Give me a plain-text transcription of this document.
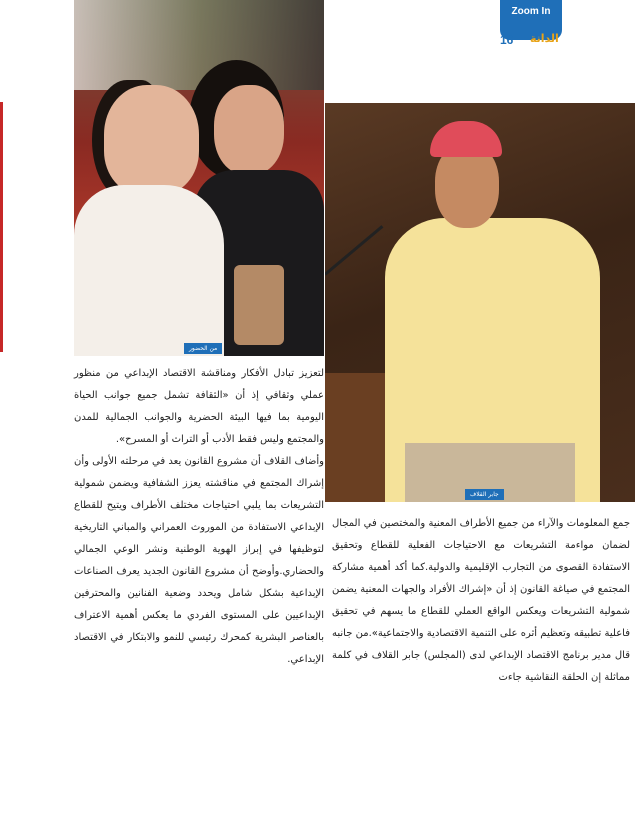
Zoom In
16 الدانة
من الحضور
جابر القلاف

لتعزيز تبادل الأفكار ومناقشة الاقتصاد الإبداعي من منظور عملي وثقافي إذ أن «الثقافة تشمل جميع جوانب الحياة اليومية بما فيها البيئة الحضرية والجوانب الجمالية للمدن والمجتمع وليس فقط الأدب أو التراث أو المسرح».

وأضاف القلاف أن مشروع القانون يعد في مرحلته الأولى وأن إشراك المجتمع في مناقشته يعزز الشفافية ويضمن شمولية التشريعات بما يلبي احتياجات مختلف الأطراف ويتيح للقطاع الإبداعي الاستفادة من الموروث العمراني والمباني التاريخية لتوظيفها في إبراز الهوية الوطنية ونشر الوعي الجمالي والحضاري.وأوضح أن مشروع القانون الجديد يعرف الصناعات الإبداعية بشكل شامل ويحدد وضعية الفنانين والمحترفين الإبداعيين على المستوى الفردي ما يعكس أهمية الاعتراف بالعناصر البشرية كمحرك رئيسي للنمو والابتكار في الاقتصاد الإبداعي.

جمع المعلومات والآراء من جميع الأطراف المعنية والمختصين في المجال لضمان مواءمة التشريعات مع الاحتياجات الفعلية للقطاع وتحقيق الاستفادة القصوى من التجارب الإقليمية والدولية.كما أكد أهمية مشاركة المجتمع في صياغة القانون إذ أن «إشراك الأفراد والجهات المعنية يضمن شمولية التشريعات ويعكس الواقع العملي للقطاع ما يسهم في تحقيق فاعلية تطبيقه وتعظيم أثره على التنمية الاقتصادية والاجتماعية».من جانبه قال مدير برنامج الاقتصاد الإبداعي لدى (المجلس) جابر القلاف في كلمة مماثلة إن الحلقة النقاشية جاءت
